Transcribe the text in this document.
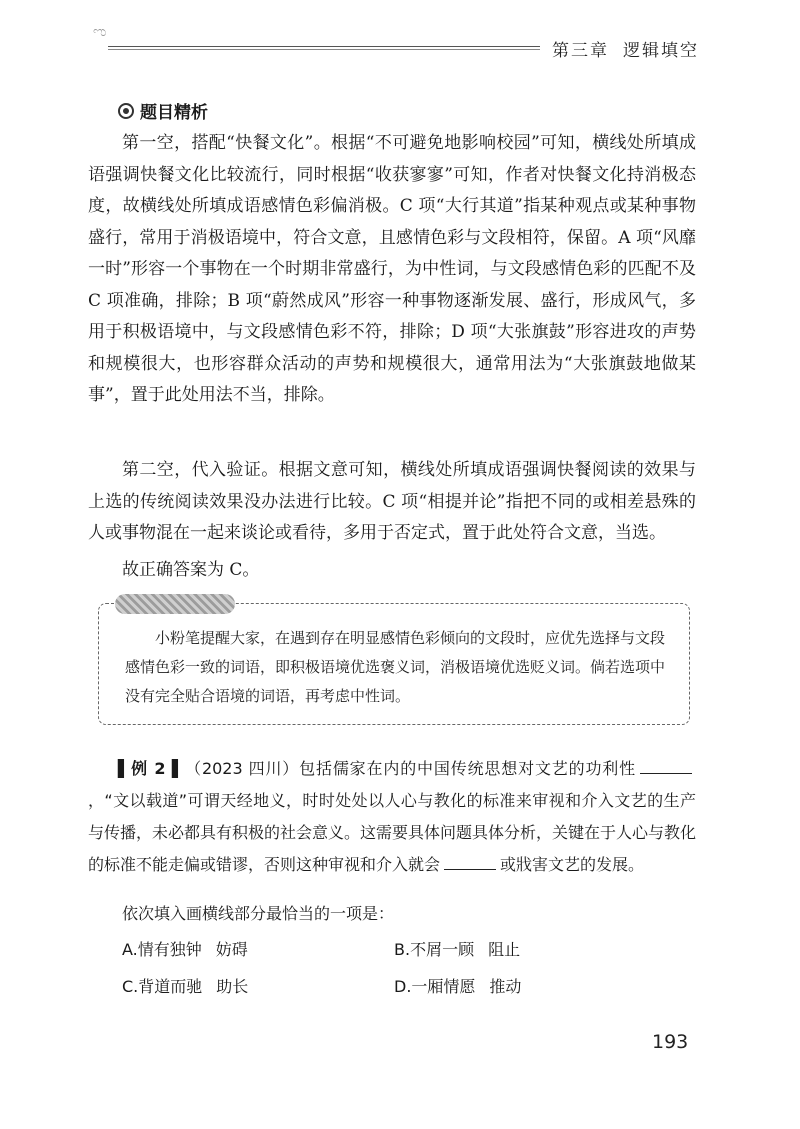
ಌ
第三章 逻辑填空
题目精析

第一空，搭配“快餐文化”。根据“不可避免地影响校园”可知，横线处所填成语强调快餐文化比较流行，同时根据“收获寥寥”可知，作者对快餐文化持消极态度，故横线处所填成语感情色彩偏消极。C 项“大行其道”指某种观点或某种事物盛行，常用于消极语境中，符合文意，且感情色彩与文段相符，保留。A 项“风靡一时”形容一个事物在一个时期非常盛行，为中性词，与文段感情色彩的匹配不及 C 项准确，排除；B 项“蔚然成风”形容一种事物逐渐发展、盛行，形成风气，多用于积极语境中，与文段感情色彩不符，排除；D 项“大张旗鼓”形容进攻的声势和规模很大，也形容群众活动的声势和规模很大，通常用法为“大张旗鼓地做某事”，置于此处用法不当，排除。

第二空，代入验证。根据文意可知，横线处所填成语强调快餐阅读的效果与上选的传统阅读效果没办法进行比较。C 项“相提并论”指把不同的或相差悬殊的人或事物混在一起来谈论或看待，多用于否定式，置于此处符合文意，当选。

故正确答案为 C。

小粉笔提醒大家，在遇到存在明显感情色彩倾向的文段时，应优先选择与文段感情色彩一致的词语，即积极语境优选褒义词，消极语境优选贬义词。倘若选项中没有完全贴合语境的词语，再考虑中性词。

▌例 2 ▌（2023 四川）包括儒家在内的中国传统思想对文艺的功利性，“文以载道”可谓天经地义，时时处处以人心与教化的标准来审视和介入文艺的生产与传播，未必都具有积极的社会意义。这需要具体问题具体分析，关键在于人心与教化的标准不能走偏或错谬，否则这种审视和介入就会	或戕害文艺的发展。

依次填入画横线部分最恰当的一项是：
A.情有独钟 妨碍	B.不屑一顾 阻止
C.背道而驰 助长	D.一厢情愿 推动
193
